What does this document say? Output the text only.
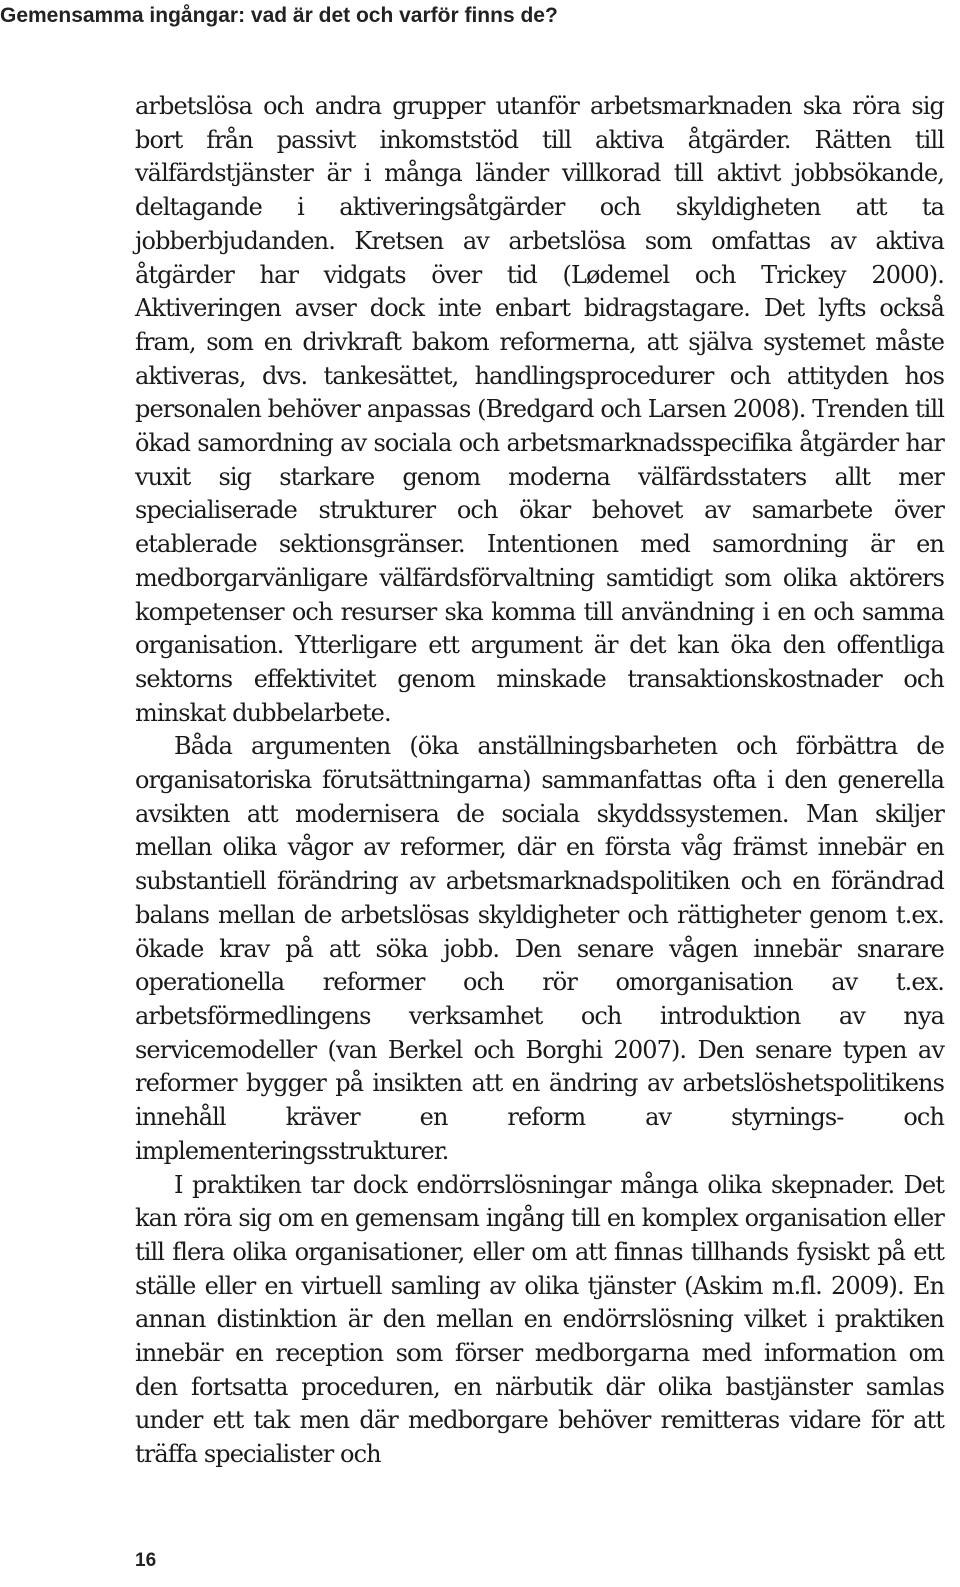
Gemensamma ingångar: vad är det och varför finns de?

arbetslösa och andra grupper utanför arbetsmarknaden ska röra sig bort från passivt inkomststöd till aktiva åtgärder. Rätten till välfärdstjänster är i många länder villkorad till aktivt jobbsökande, deltagande i aktiveringsåtgärder och skyldigheten att ta jobberbjudanden. Kretsen av arbetslösa som omfattas av aktiva åtgärder har vidgats över tid (Lødemel och Trickey 2000). Aktiveringen avser dock inte enbart bidragstagare. Det lyfts också fram, som en drivkraft bakom reformerna, att själva systemet måste aktiveras, dvs. tankesättet, handlingsprocedurer och attityden hos personalen behöver anpassas (Bredgard och Larsen 2008). Trenden till ökad samordning av sociala och arbetsmarknadsspecifika åtgärder har vuxit sig starkare genom moderna välfärdsstaters allt mer specialiserade strukturer och ökar behovet av samarbete över etablerade sektionsgränser. Intentionen med samordning är en medborgarvänligare välfärdsförvaltning samtidigt som olika aktörers kompetenser och resurser ska komma till användning i en och samma organisation. Ytterligare ett argument är det kan öka den offentliga sektorns effektivitet genom minskade transaktionskostnader och minskat dubbelarbete.

Båda argumenten (öka anställningsbarheten och förbättra de organisatoriska förutsättningarna) sammanfattas ofta i den generella avsikten att modernisera de sociala skyddssystemen. Man skiljer mellan olika vågor av reformer, där en första våg främst innebär en substantiell förändring av arbetsmarknadspolitiken och en förändrad balans mellan de arbetslösas skyldigheter och rättigheter genom t.ex. ökade krav på att söka jobb. Den senare vågen innebär snarare operationella reformer och rör omorganisation av t.ex. arbetsförmedlingens verksamhet och introduktion av nya servicemodeller (van Berkel och Borghi 2007). Den senare typen av reformer bygger på insikten att en ändring av arbetslöshetspolitikens innehåll kräver en reform av styrnings- och implementeringsstrukturer.

I praktiken tar dock endörrslösningar många olika skepnader. Det kan röra sig om en gemensam ingång till en komplex organisation eller till flera olika organisationer, eller om att finnas tillhands fysiskt på ett ställe eller en virtuell samling av olika tjänster (Askim m.fl. 2009). En annan distinktion är den mellan en endörrslösning vilket i praktiken innebär en reception som förser medborgarna med information om den fortsatta proceduren, en närbutik där olika bastjänster samlas under ett tak men där medborgare behöver remitteras vidare för att träffa specialister och

16
